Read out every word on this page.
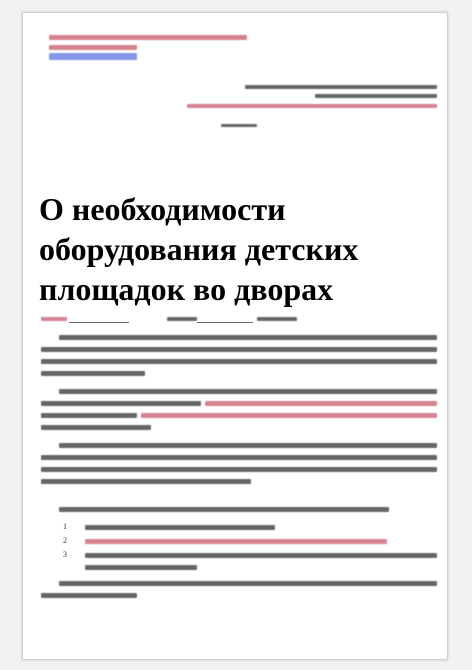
О необходимости
оборудования детских
площадок во дворах
1
2
3
